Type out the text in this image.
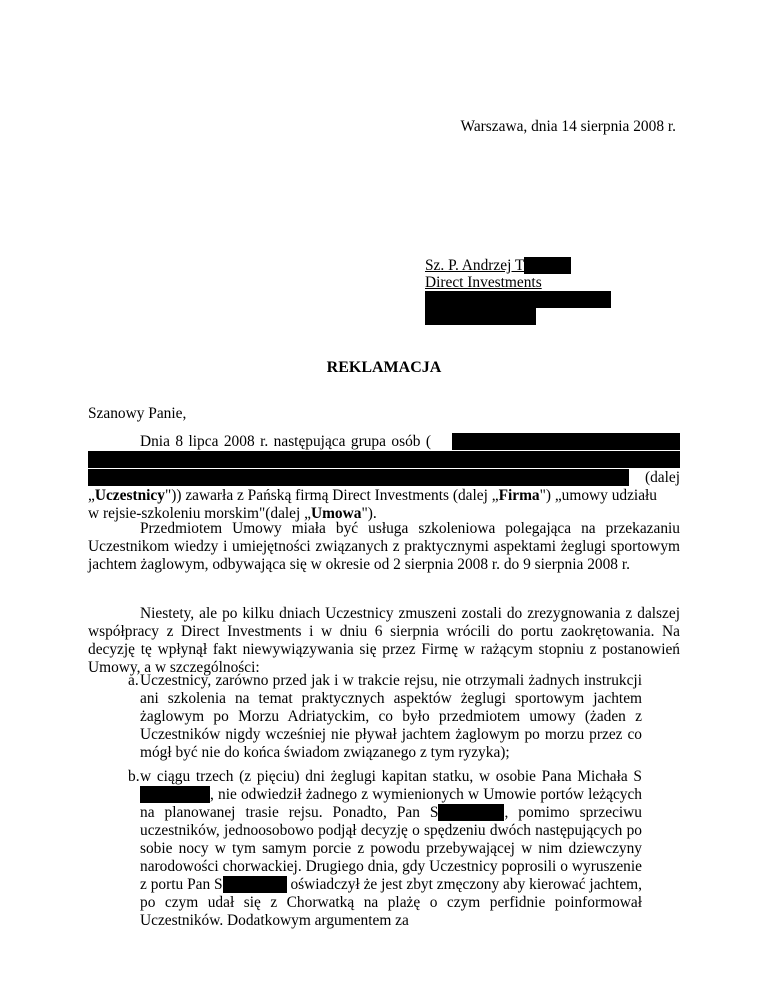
Warszawa, dnia 14 sierpnia 2008 r.
Sz. P. Andrzej T
Direct Investments
REKLAMACJA
Szanowy Panie,
Dnia 8 lipca 2008 r. następująca grupa osób (
(dalej
„Uczestnicy")) zawarła z Pańską firmą Direct Investments (dalej „Firma") „umowy udziału
w rejsie-szkoleniu morskim"(dalej „Umowa").
Przedmiotem Umowy miała być usługa szkoleniowa polegająca na przekazaniu Uczestnikom wiedzy i umiejętności związanych z praktycznymi aspektami żeglugi sportowym jachtem żaglowym, odbywająca się w okresie od 2 sierpnia 2008 r. do 9 sierpnia 2008 r.
Niestety, ale po kilku dniach Uczestnicy zmuszeni zostali do zrezygnowania z dalszej współpracy z Direct Investments i w dniu 6 sierpnia wrócili do portu zaokrętowania. Na decyzję tę wpłynął fakt niewywiązywania się przez Firmę w rażącym stopniu z postanowień Umowy, a w szczególności:
a. Uczestnicy, zarówno przed jak i w trakcie rejsu, nie otrzymali żadnych instrukcji ani szkolenia na temat praktycznych aspektów żeglugi sportowym jachtem żaglowym po Morzu Adriatyckim, co było przedmiotem umowy (żaden z Uczestników nigdy wcześniej nie pływał jachtem żaglowym po morzu przez co mógł być nie do końca świadom związanego z tym ryzyka);
b. w ciągu trzech (z pięciu) dni żeglugi kapitan statku, w osobie Pana Michała S, nie odwiedził żadnego z wymienionych w Umowie portów leżących na planowanej trasie rejsu. Ponadto, Pan S	, pomimo sprzeciwu uczestników, jednoosobowo podjął decyzję o spędzeniu dwóch następujących po sobie nocy w tym samym porcie z powodu przebywającej w nim dziewczyny narodowości chorwackiej. Drugiego dnia, gdy Uczestnicy poprosili o wyruszenie z portu Pan S	oświadczył że jest zbyt zmęczony aby kierować jachtem, po czym udał się z Chorwatką na plażę o czym perfidnie poinformował Uczestników. Dodatkowym argumentem za
